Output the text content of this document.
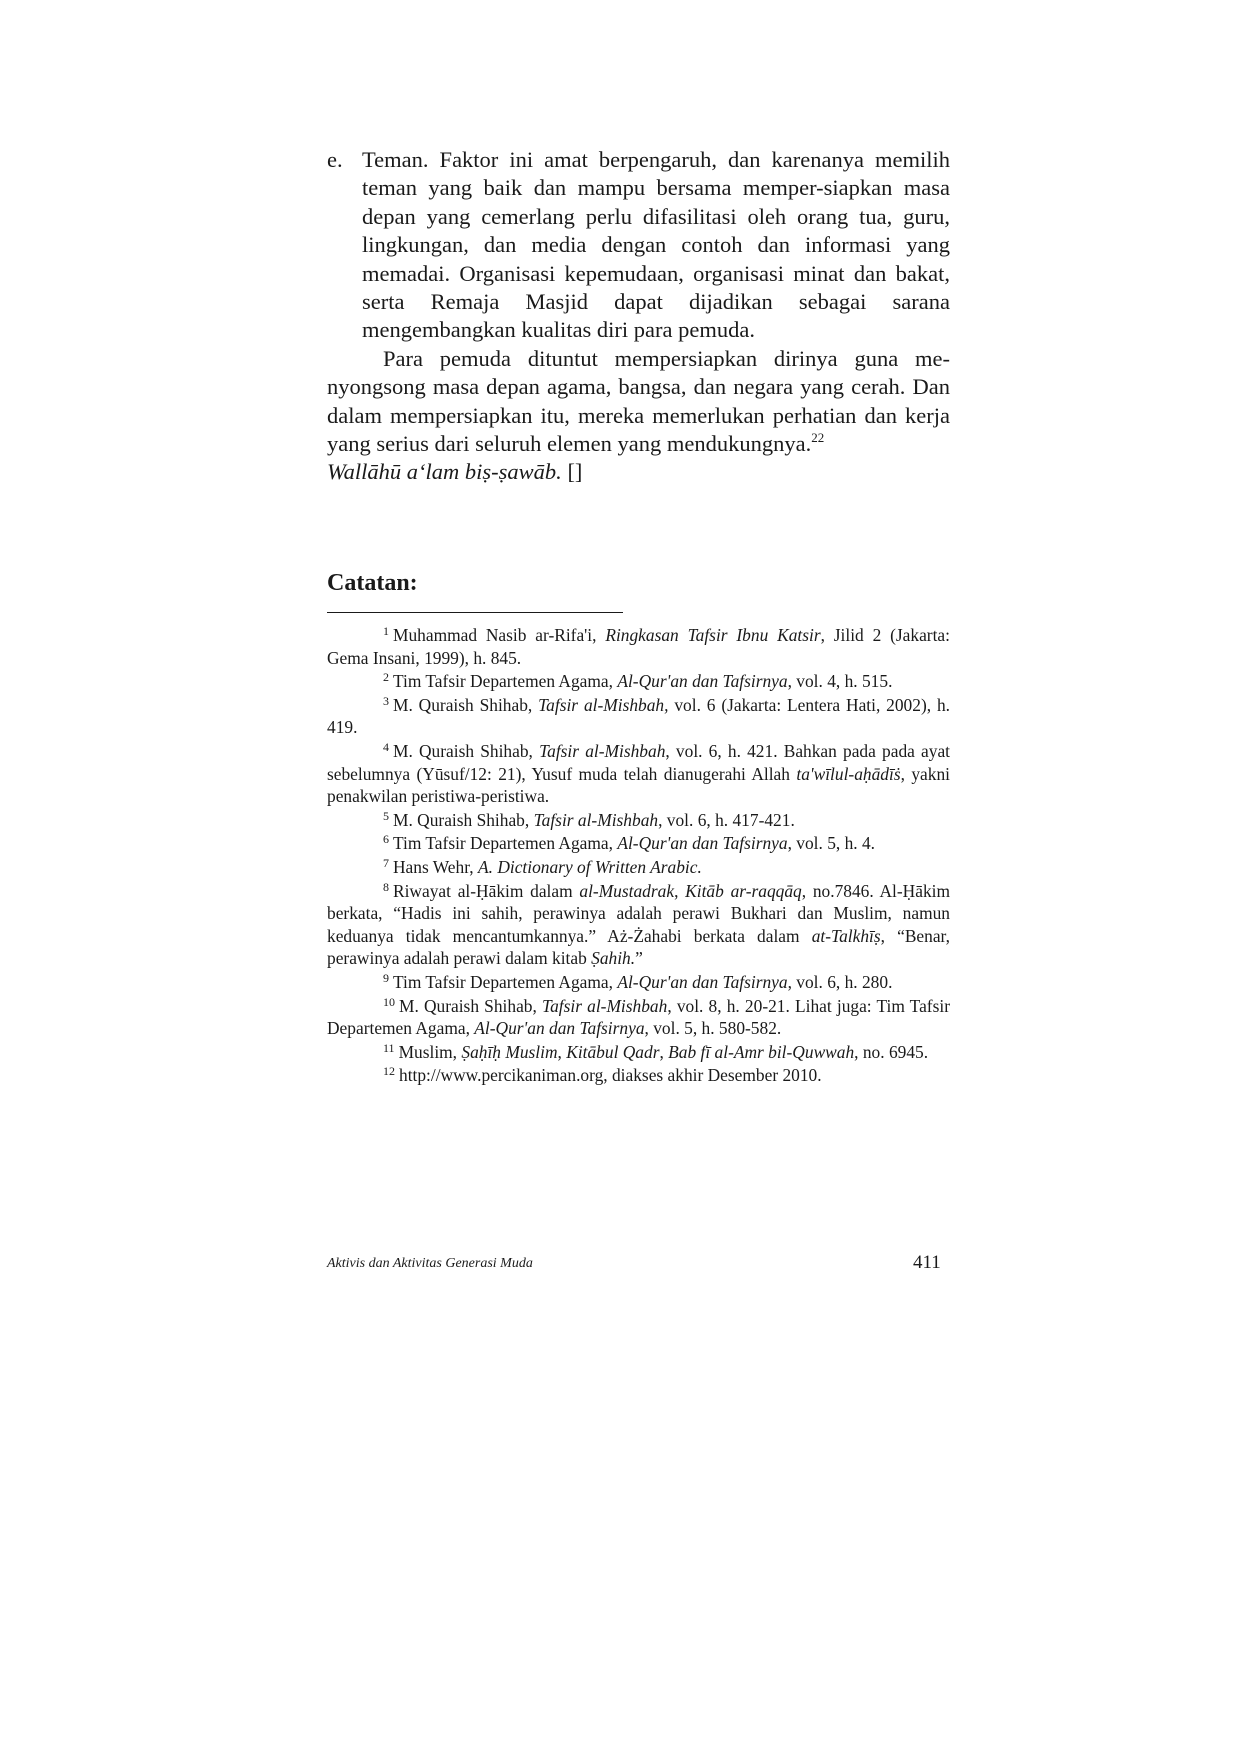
e. Teman. Faktor ini amat berpengaruh, dan karenanya memilih teman yang baik dan mampu bersama memper-siapkan masa depan yang cemerlang perlu difasilitasi oleh orang tua, guru, lingkungan, dan media dengan contoh dan informasi yang memadai. Organisasi kepemudaan, organisasi minat dan bakat, serta Remaja Masjid dapat dijadikan sebagai sarana mengembangkan kualitas diri para pemuda.

Para pemuda dituntut mempersiapkan dirinya guna me-nyongsong masa depan agama, bangsa, dan negara yang cerah. Dan dalam mempersiapkan itu, mereka memerlukan perhatian dan kerja yang serius dari seluruh elemen yang mendukungnya.$^{22}$

Wallāhū a‘lam biṣ-ṣawāb. []

Catatan:

$^1$ Muhammad Nasib ar-Rifa'i, Ringkasan Tafsir Ibnu Katsir, Jilid 2 (Jakarta: Gema Insani, 1999), h. 845.

$^2$ Tim Tafsir Departemen Agama, Al-Qur'an dan Tafsirnya, vol. 4, h. 515.

$^3$ M. Quraish Shihab, Tafsir al-Mishbah, vol. 6 (Jakarta: Lentera Hati, 2002), h. 419.

$^4$ M. Quraish Shihab, Tafsir al-Mishbah, vol. 6, h. 421. Bahkan pada pada ayat sebelumnya (Yūsuf/12: 21), Yusuf muda telah dianugerahi Allah ta'wīlul-aḥādīṡ, yakni penakwilan peristiwa-peristiwa.

$^5$ M. Quraish Shihab, Tafsir al-Mishbah, vol. 6, h. 417-421.

$^6$ Tim Tafsir Departemen Agama, Al-Qur'an dan Tafsirnya, vol. 5, h. 4.

$^7$ Hans Wehr, A. Dictionary of Written Arabic.

$^8$ Riwayat al-Ḥākim dalam al-Mustadrak, Kitāb ar-raqqāq, no.7846. Al-Ḥākim berkata, “Hadis ini sahih, perawinya adalah perawi Bukhari dan Muslim, namun keduanya tidak mencantumkannya.” Aż-Żahabi berkata dalam at-Talkhīṣ, “Benar, perawinya adalah perawi dalam kitab Ṣahih.”

$^9$ Tim Tafsir Departemen Agama, Al-Qur'an dan Tafsirnya, vol. 6, h. 280.

$^{10}$ M. Quraish Shihab, Tafsir al-Mishbah, vol. 8, h. 20-21. Lihat juga: Tim Tafsir Departemen Agama, Al-Qur'an dan Tafsirnya, vol. 5, h. 580-582.

$^{11}$ Muslim, Ṣaḥīḥ Muslim, Kitābul Qadr, Bab fī al-Amr bil-Quwwah, no. 6945.

$^{12}$ http://www.percikaniman.org, diakses akhir Desember 2010.

Aktivis dan Aktivitas Generasi Muda	411
